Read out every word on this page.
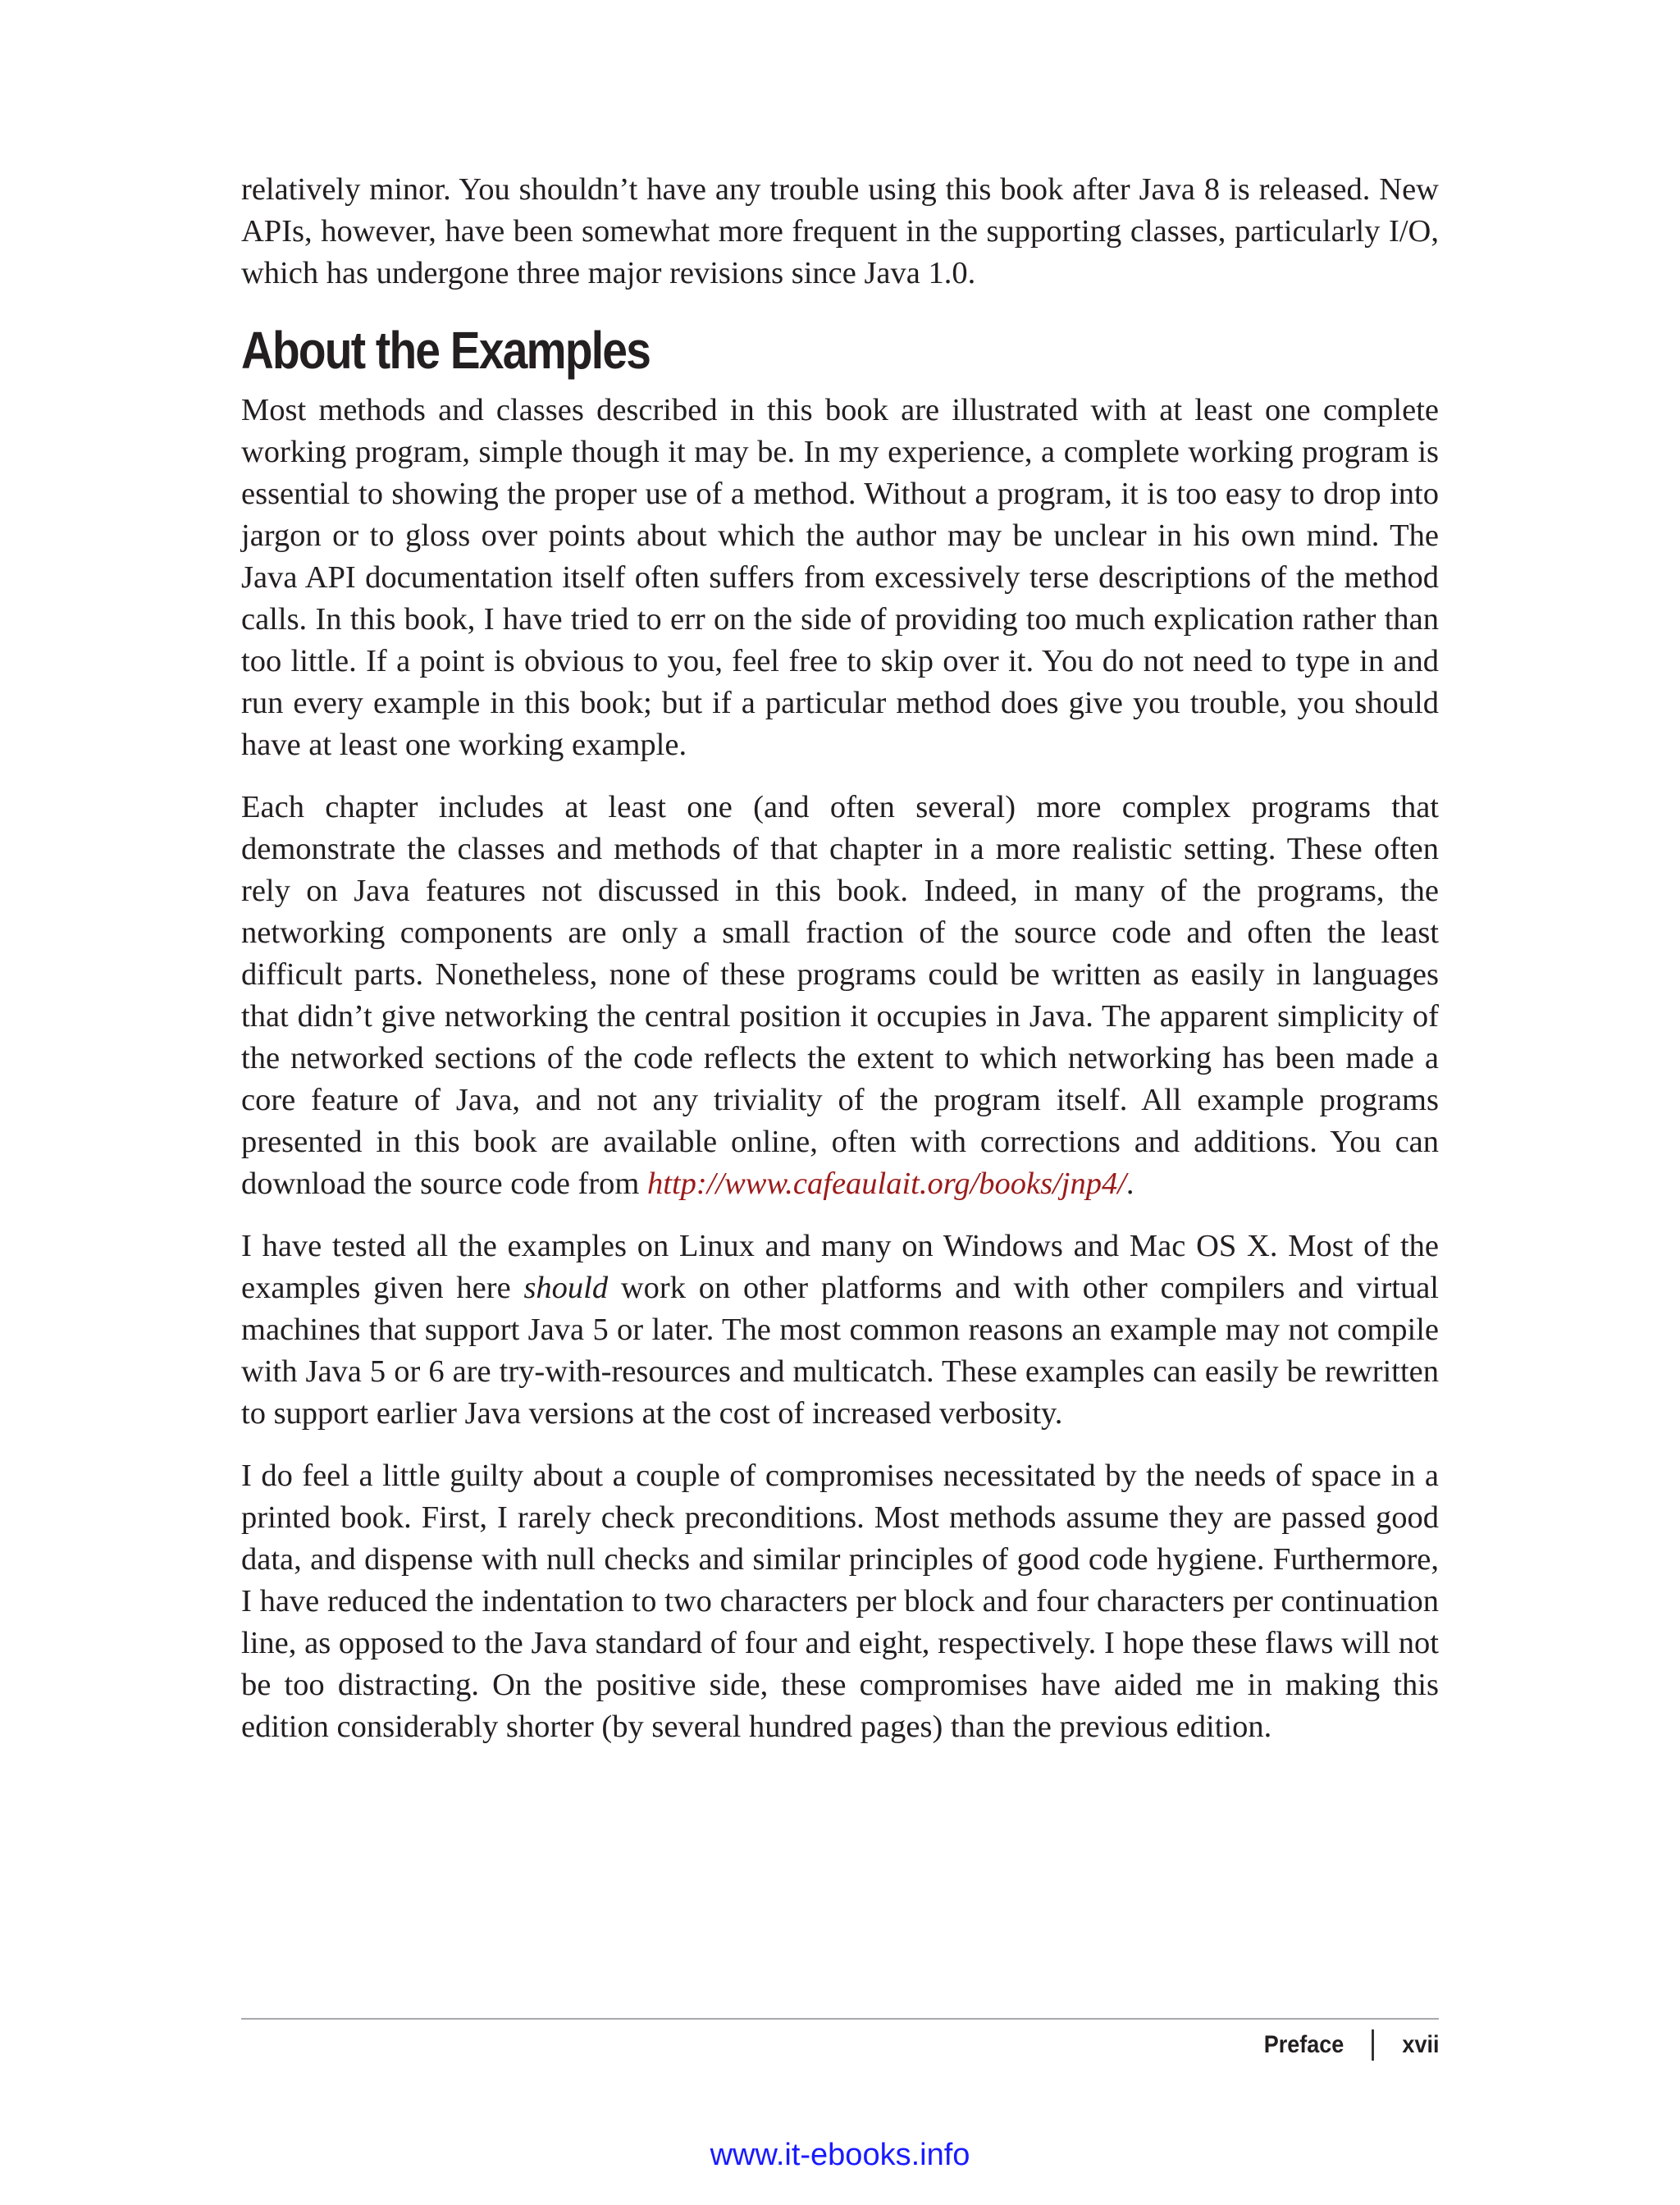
relatively minor. You shouldn’t have any trouble using this book after Java 8 is released. New APIs, however, have been somewhat more frequent in the supporting classes, particularly I/O, which has undergone three major revisions since Java 1.0.

About the Examples

Most methods and classes described in this book are illustrated with at least one complete working program, simple though it may be. In my experience, a complete working program is essential to showing the proper use of a method. Without a program, it is too easy to drop into jargon or to gloss over points about which the author may be unclear in his own mind. The Java API documentation itself often suffers from excessively terse descriptions of the method calls. In this book, I have tried to err on the side of providing too much explication rather than too little. If a point is obvious to you, feel free to skip over it. You do not need to type in and run every example in this book; but if a particular method does give you trouble, you should have at least one working example.

Each chapter includes at least one (and often several) more complex programs that demonstrate the classes and methods of that chapter in a more realistic setting. These often rely on Java features not discussed in this book. Indeed, in many of the programs, the networking components are only a small fraction of the source code and often the least difficult parts. Nonetheless, none of these programs could be written as easily in languages that didn’t give networking the central position it occupies in Java. The apparent simplicity of the networked sections of the code reflects the extent to which networking has been made a core feature of Java, and not any triviality of the program itself. All example programs presented in this book are available online, often with corrections and additions. You can download the source code from http://www.cafeaulait.org/books/jnp4/.

I have tested all the examples on Linux and many on Windows and Mac OS X. Most of the examples given here should work on other platforms and with other compilers and virtual machines that support Java 5 or later. The most common reasons an example may not compile with Java 5 or 6 are try-with-resources and multicatch. These examples can easily be rewritten to support earlier Java versions at the cost of increased verbosity.

I do feel a little guilty about a couple of compromises necessitated by the needs of space in a printed book. First, I rarely check preconditions. Most methods assume they are passed good data, and dispense with null checks and similar principles of good code hygiene. Furthermore, I have reduced the indentation to two characters per block and four characters per continuation line, as opposed to the Java standard of four and eight, respectively. I hope these flaws will not be too distracting. On the positive side, these compromises have aided me in making this edition considerably shorter (by several hundred pages) than the previous edition.

Preface xvii
www.it-ebooks.info
